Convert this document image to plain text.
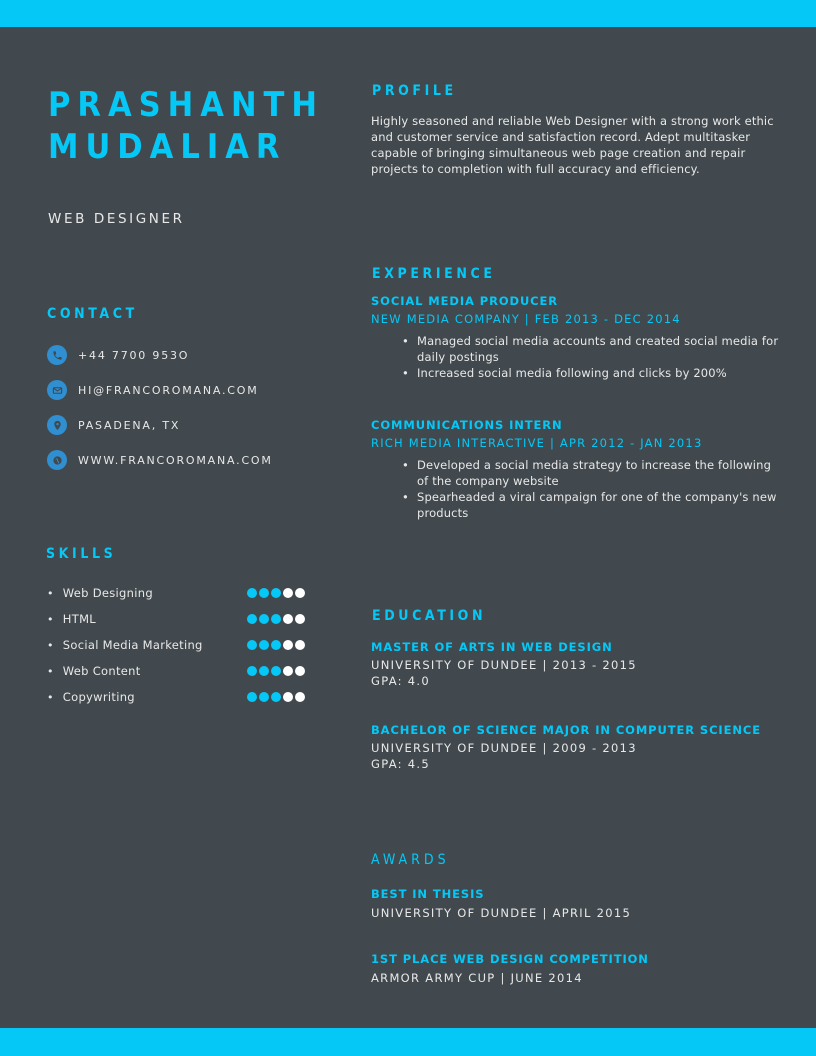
PRASHANTH
MUDALIAR
WEB DESIGNER
CONTACT
+44 7700 953O
HI@FRANCOROMANA.COM
PASADENA, TX
WWW.FRANCOROMANA.COM
SKILLS
• Web Designing
• HTML
• Social Media Marketing
• Web Content
• Copywriting
PROFILE

Highly seasoned and reliable Web Designer with a strong work ethic and customer service and satisfaction record. Adept multitasker capable of bringing simultaneous web page creation and repair projects to completion with full accuracy and efficiency.

EXPERIENCE
SOCIAL MEDIA PRODUCER
NEW MEDIA COMPANY | FEB 2013 - DEC 2014
• Managed social media accounts and created social media for daily postings
• Increased social media following and clicks by 200%
COMMUNICATIONS INTERN
RICH MEDIA INTERACTIVE | APR 2012 - JAN 2013
• Developed a social media strategy to increase the following of the company website
• Spearheaded a viral campaign for one of the company's new products
EDUCATION
MASTER OF ARTS IN WEB DESIGN
UNIVERSITY OF DUNDEE | 2013 - 2015
GPA: 4.0
BACHELOR OF SCIENCE MAJOR IN COMPUTER SCIENCE
UNIVERSITY OF DUNDEE | 2009 - 2013
GPA: 4.5
AWARDS
BEST IN THESIS
UNIVERSITY OF DUNDEE | APRIL 2015
1ST PLACE WEB DESIGN COMPETITION
ARMOR ARMY CUP | JUNE 2014
